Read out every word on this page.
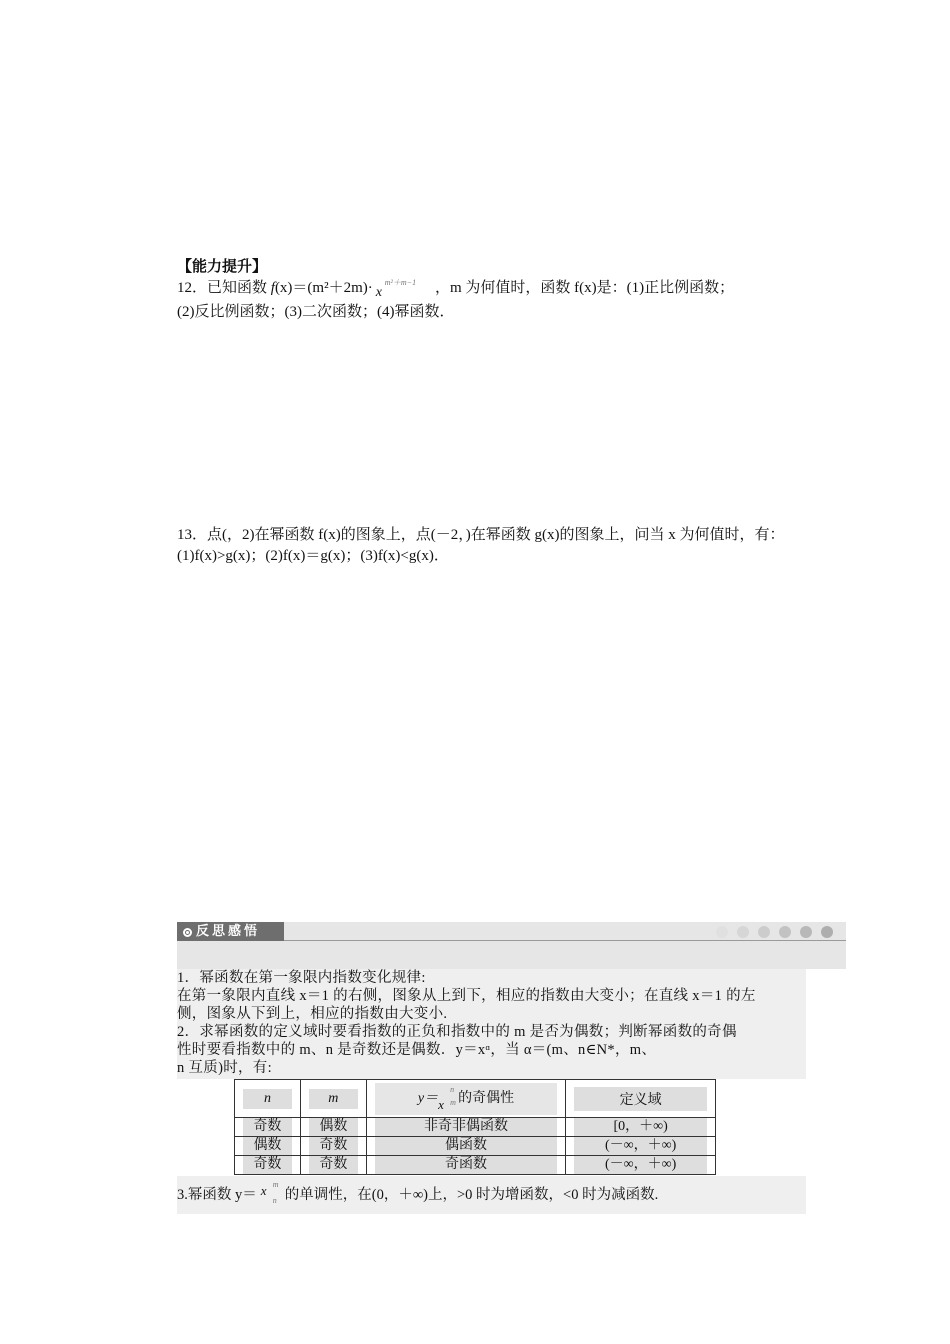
【能力提升】
12．已知函数 f(x)＝(m²＋2m)· x
m²＋m−1 ，m 为何值时，函数 f(x)是：(1)正比例函数；
(2)反比例函数；(3)二次函数；(4)幂函数．
13．点(，2)在幂函数 f(x)的图象上，点(－2，)在幂函数 g(x)的图象上，问当 x 为何值时，有：
(1)f(x)>g(x)；(2)f(x)＝g(x)；(3)f(x)<g(x)．
反思感悟
1．幂函数在第一象限内指数变化规律:
在第一象限内直线 x＝1 的右侧，图象从上到下，相应的指数由大变小；在直线 x＝1 的左
侧，图象从下到上，相应的指数由大变小.
2．求幂函数的定义域时要看指数的正负和指数中的 m 是否为偶数；判断幂函数的奇偶
性时要看指数中的 m、n 是奇数还是偶数．y＝xᵅ，当 α＝(m、n∈N*，m、
n 互质)时，有:
n	m	y＝ x
n
m 的奇偶性	定义域

奇数	偶数	非奇非偶函数	[0，＋∞)

偶数	奇数	偶函数	(－∞，＋∞)

奇数	奇数	奇函数	(－∞，＋∞)
3.幂函数 y＝ x
n
m
的单调性，在(0，＋∞)上，>0 时为增函数，<0 时为减函数.
